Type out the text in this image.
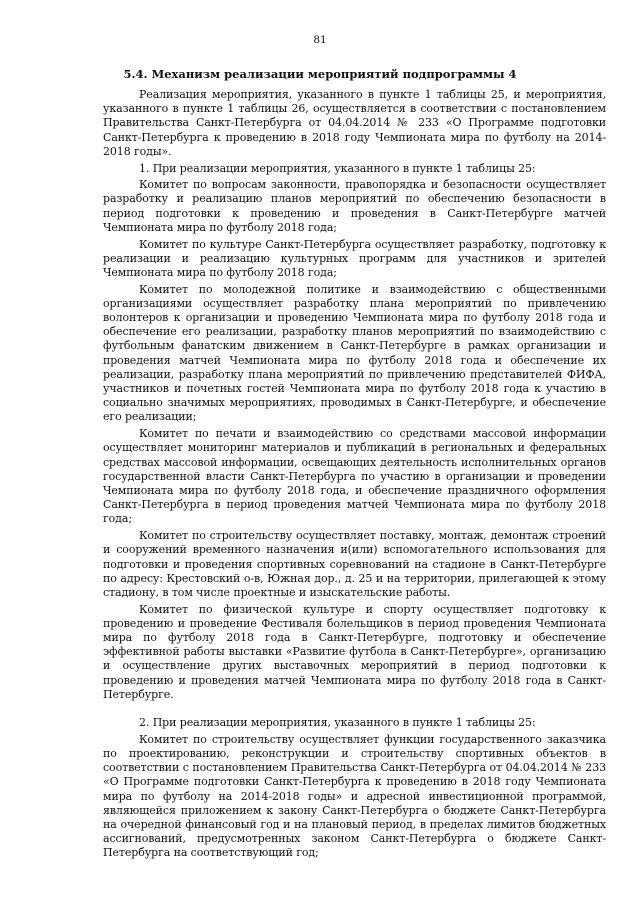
81
5.4. Механизм реализации мероприятий подпрограммы 4

Реализация мероприятия, указанного в пункте 1 таблицы 25, и мероприятия, указанного в пункте 1 таблицы 26, осуществляется в соответствии с постановлением Правительства Санкт-Петербурга от 04.04.2014 № 233 «О Программе подготовки Санкт-Петербурга к проведению в 2018 году Чемпионата мира по футболу на 2014-2018 годы».

1. При реализации мероприятия, указанного в пункте 1 таблицы 25:

Комитет по вопросам законности, правопорядка и безопасности осуществляет разработку и реализацию планов мероприятий по обеспечению безопасности в период подготовки к проведению и проведения в Санкт-Петербурге матчей Чемпионата мира по футболу 2018 года;

Комитет по культуре Санкт-Петербурга осуществляет разработку, подготовку к реализации и реализацию культурных программ для участников и зрителей Чемпионата мира по футболу 2018 года;

Комитет по молодежной политике и взаимодействию с общественными организациями осуществляет разработку плана мероприятий по привлечению волонтеров к организации и проведению Чемпионата мира по футболу 2018 года и обеспечение его реализации, разработку планов мероприятий по взаимодействию с футбольным фанатским движением в Санкт-Петербурге в рамках организации и проведения матчей Чемпионата мира по футболу 2018 года и обеспечение их реализации, разработку плана мероприятий по привлечению представителей ФИФА, участников и почетных гостей Чемпионата мира по футболу 2018 года к участию в социально значимых мероприятиях, проводимых в Санкт-Петербурге, и обеспечение его реализации;

Комитет по печати и взаимодействию со средствами массовой информации осуществляет мониторинг материалов и публикаций в региональных и федеральных средствах массовой информации, освещающих деятельность исполнительных органов государственной власти Санкт-Петербурга по участию в организации и проведении Чемпионата мира по футболу 2018 года, и обеспечение праздничного оформления Санкт-Петербурга в период проведения матчей Чемпионата мира по футболу 2018 года;

Комитет по строительству осуществляет поставку, монтаж, демонтаж строений и сооружений временного назначения и(или) вспомогательного использования для подготовки и проведения спортивных соревнований на стадионе в Санкт-Петербурге по адресу: Крестовский о-в, Южная дор., д. 25 и на территории, прилегающей к этому стадиону, в том числе проектные и изыскательские работы.

Комитет по физической культуре и спорту осуществляет подготовку к проведению и проведение Фестиваля болельщиков в период проведения Чемпионата мира по футболу 2018 года в Санкт-Петербурге, подготовку и обеспечение эффективной работы выставки «Развитие футбола в Санкт-Петербурге», организацию и осуществление других выставочных мероприятий в период подготовки к проведению и проведения матчей Чемпионата мира по футболу 2018 года в Санкт-Петербурге.

2. При реализации мероприятия, указанного в пункте 1 таблицы 25:

Комитет по строительству осуществляет функции государственного заказчика по проектированию, реконструкции и строительству спортивных объектов в соответствии с постановлением Правительства Санкт-Петербурга от 04.04.2014 № 233 «О Программе подготовки Санкт-Петербурга к проведению в 2018 году Чемпионата мира по футболу на 2014-2018 годы» и адресной инвестиционной программой, являющейся приложением к закону Санкт-Петербурга о бюджете Санкт-Петербурга на очередной финансовый год и на плановый период, в пределах лимитов бюджетных ассигнований, предусмотренных законом Санкт-Петербурга о бюджете Санкт-Петербурга на соответствующий год;
